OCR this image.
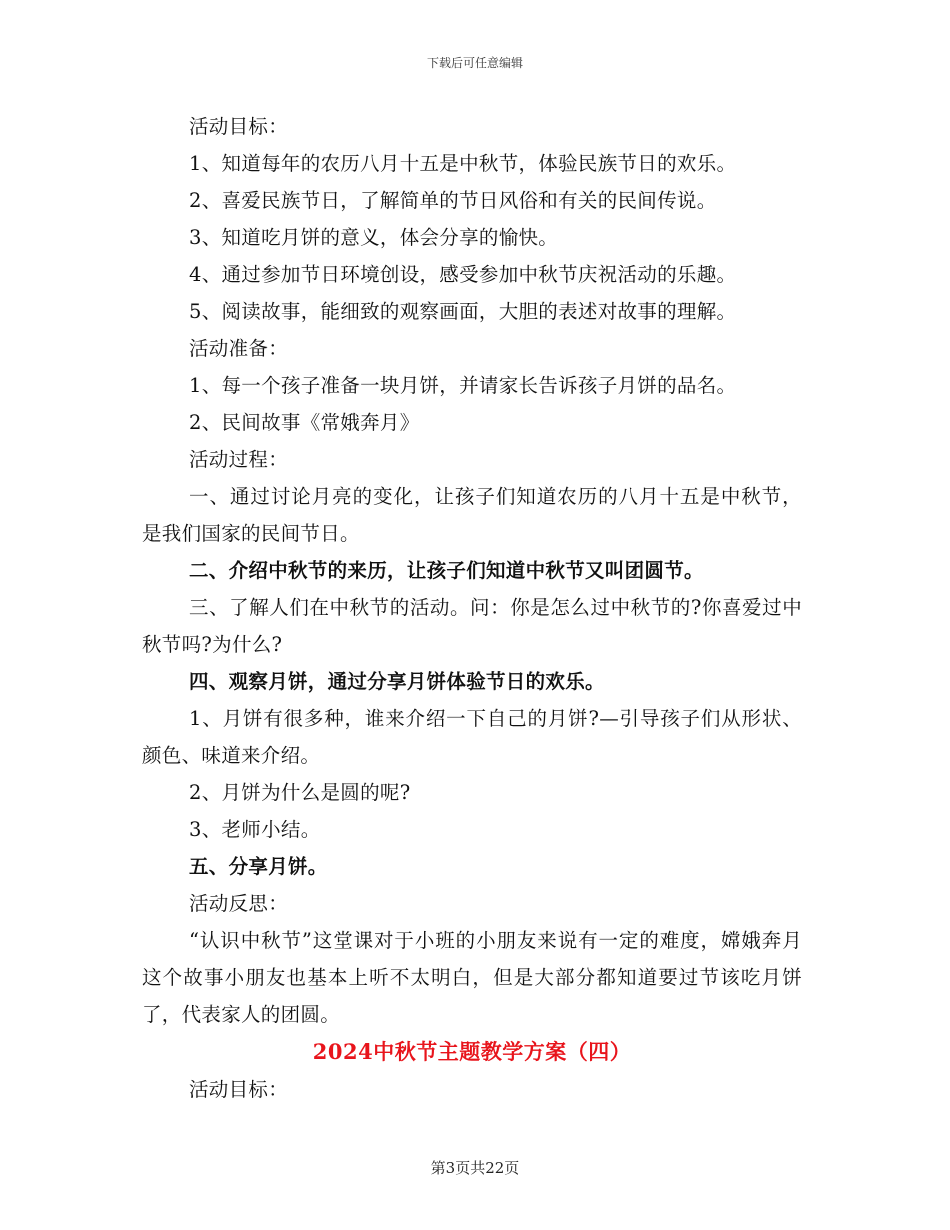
下载后可任意编辑

活动目标：

1、知道每年的农历八月十五是中秋节，体验民族节日的欢乐。

2、喜爱民族节日，了解简单的节日风俗和有关的民间传说。

3、知道吃月饼的意义，体会分享的愉快。

4、通过参加节日环境创设，感受参加中秋节庆祝活动的乐趣。

5、阅读故事，能细致的观察画面，大胆的表述对故事的理解。

活动准备：

1、每一个孩子准备一块月饼，并请家长告诉孩子月饼的品名。

2、民间故事《常娥奔月》

活动过程：

一、通过讨论月亮的变化，让孩子们知道农历的八月十五是中秋节，是我们国家的民间节日。

二、介绍中秋节的来历，让孩子们知道中秋节又叫团圆节。

三、了解人们在中秋节的活动。问：你是怎么过中秋节的?你喜爱过中秋节吗?为什么?

四、观察月饼，通过分享月饼体验节日的欢乐。

1、月饼有很多种，谁来介绍一下自己的月饼?—引导孩子们从形状、颜色、味道来介绍。

2、月饼为什么是圆的呢?

3、老师小结。

五、分享月饼。

活动反思：

“认识中秋节”这堂课对于小班的小朋友来说有一定的难度，嫦娥奔月这个故事小朋友也基本上听不太明白，但是大部分都知道要过节该吃月饼了，代表家人的团圆。

2024中秋节主题教学方案（四）

活动目标：

第3页共22页
